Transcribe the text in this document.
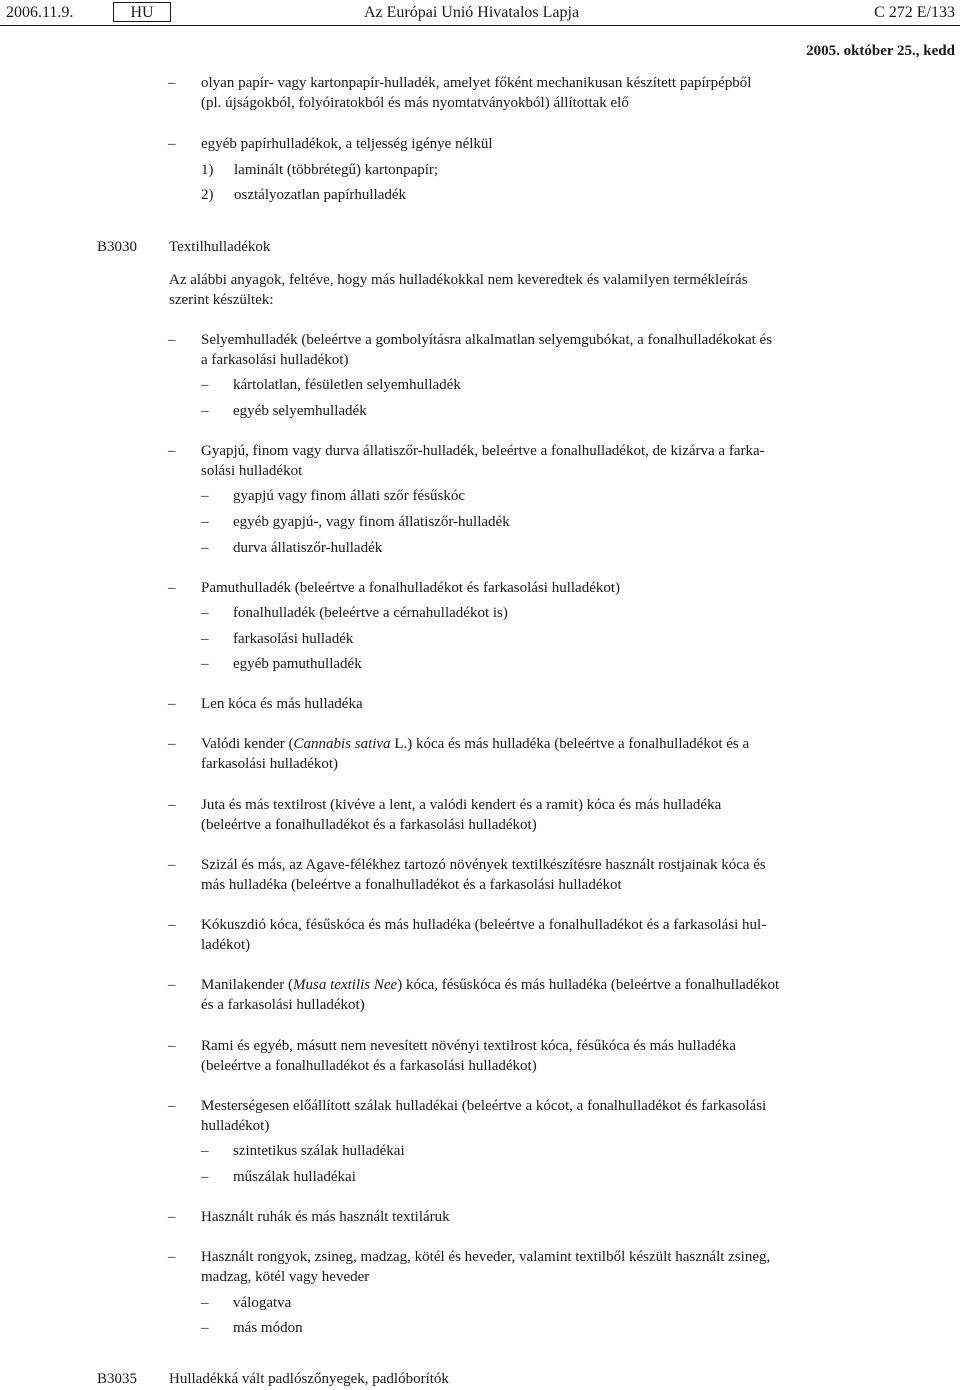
2006.11.9.	HU	Az Európai Unió Hivatalos Lapja	C 272 E/133
2005. október 25., kedd
– olyan papír- vagy kartonpapír-hulladék, amelyet főként mechanikusan készített papírpépből
(pl. újságokból, folyóiratokból és más nyomtatványokból) állítottak elő
– egyéb papírhulladékok, a teljesség igénye nélkül
1) laminált (többrétegű) kartonpapír;
2) osztályozatlan papírhulladék
B3030 Textilhulladékok
Az alábbi anyagok, feltéve, hogy más hulladékokkal nem keveredtek és valamilyen termékleírás
szerint készültek:
– Selyemhulladék (beleértve a gombolyításra alkalmatlan selyemgubókat, a fonalhulladékokat és
a farkasolási hulladékot)
– kártolatlan, fésületlen selyemhulladék
– egyéb selyemhulladék
– Gyapjú, finom vagy durva állatiszőr-hulladék, beleértve a fonalhulladékot, de kizárva a farka-
solási hulladékot
– gyapjú vagy finom állati szőr fésűskóc
– egyéb gyapjú-, vagy finom állatiszőr-hulladék
– durva állatiszőr-hulladék
– Pamuthulladék (beleértve a fonalhulladékot és farkasolási hulladékot)
– fonalhulladék (beleértve a cérnahulladékot is)
– farkasolási hulladék
– egyéb pamuthulladék
– Len kóca és más hulladéka
– Valódi kender (Cannabis sativa L.) kóca és más hulladéka (beleértve a fonalhulladékot és a
farkasolási hulladékot)
– Juta és más textilrost (kivéve a lent, a valódi kendert és a ramit) kóca és más hulladéka
(beleértve a fonalhulladékot és a farkasolási hulladékot)
– Szizál és más, az Agave-félékhez tartozó növények textilkészítésre használt rostjainak kóca és
más hulladéka (beleértve a fonalhulladékot és a farkasolási hulladékot
– Kókuszdió kóca, fésűskóca és más hulladéka (beleértve a fonalhulladékot és a farkasolási hul-
ladékot)
– Manilakender (Musa textilis Nee) kóca, fésűskóca és más hulladéka (beleértve a fonalhulladékot
és a farkasolási hulladékot)
– Rami és egyéb, másutt nem nevesített növényi textilrost kóca, fésűkóca és más hulladéka
(beleértve a fonalhulladékot és a farkasolási hulladékot)
– Mesterségesen előállított szálak hulladékai (beleértve a kócot, a fonalhulladékot és farkasolási
hulladékot)
– szintetikus szálak hulladékai
– műszálak hulladékai
– Használt ruhák és más használt textiláruk
– Használt rongyok, zsineg, madzag, kötél és heveder, valamint textilből készült használt zsineg,
madzag, kötél vagy heveder
– válogatva
– más módon
B3035 Hulladékká vált padlószőnyegek, padlóborítók
